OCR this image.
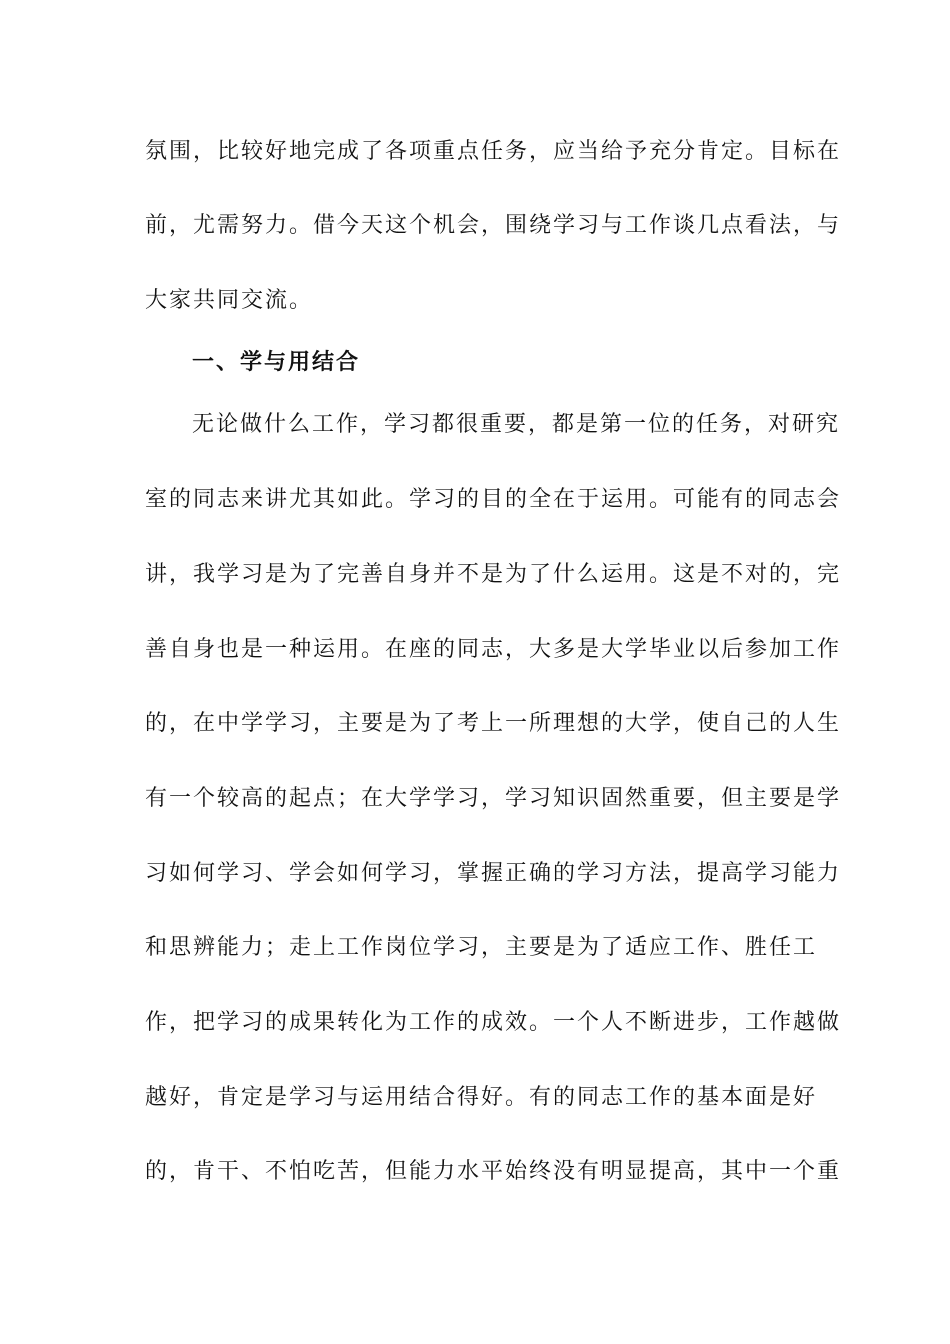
氛围，比较好地完成了各项重点任务，应当给予充分肯定。目标在
前，尤需努力。借今天这个机会，围绕学习与工作谈几点看法，与
大家共同交流。
一、学与用结合
无论做什么工作，学习都很重要，都是第一位的任务，对研究
室的同志来讲尤其如此。学习的目的全在于运用。可能有的同志会
讲，我学习是为了完善自身并不是为了什么运用。这是不对的，完
善自身也是一种运用。在座的同志，大多是大学毕业以后参加工作
的，在中学学习，主要是为了考上一所理想的大学，使自己的人生
有一个较高的起点；在大学学习，学习知识固然重要，但主要是学
习如何学习、学会如何学习，掌握正确的学习方法，提高学习能力
和思辨能力；走上工作岗位学习，主要是为了适应工作、胜任工
作，把学习的成果转化为工作的成效。一个人不断进步，工作越做
越好，肯定是学习与运用结合得好。有的同志工作的基本面是好
的，肯干、不怕吃苦，但能力水平始终没有明显提高，其中一个重
